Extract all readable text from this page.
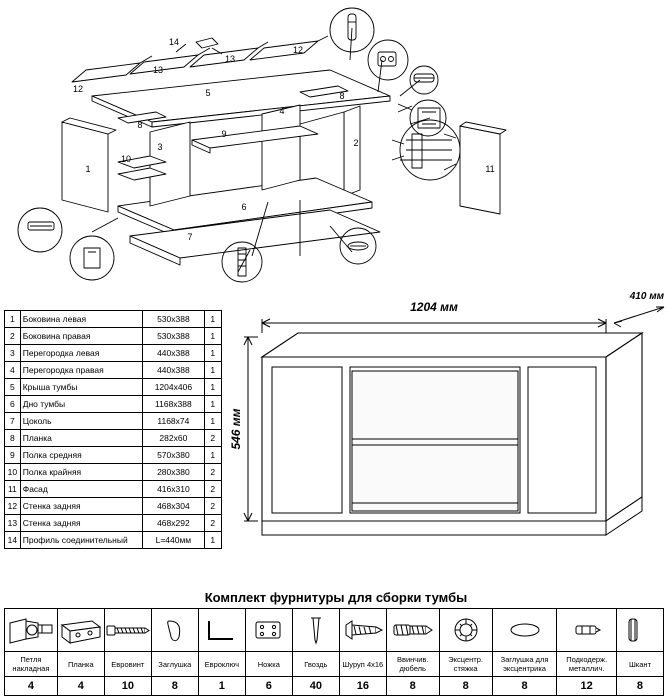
1
2
3
4
5
6
7
8
8
9
10
11
12
12
13
13
14
1	Боковина левая	530х388	1
2	Боковина правая	530х388	1
3	Перегородка левая	440х388	1
4	Перегородка правая	440х388	1
5	Крыша тумбы	1204х406	1
6	Дно тумбы	1168х388	1
7	Цоколь	1168х74	1
8	Планка	282х60	2
9	Полка средняя	570х380	1
10	Полка крайняя	280х380	2
11	Фасад	416х310	2
12	Стенка задняя	468х304	2
13	Стенка задняя	468х292	2
14	Профиль соединительный	L=440мм	1
1204 мм
410 мм
546 мм
Комплект фурнитуры для сборки тумбы

Петля накладная	Планка	Евровинт	Заглушка	Евроключ	Ножка	Гвоздь	Шуруп 4х16	Ввинчив. дюбель	Эксцентр. стяжка	Заглушка для эксцентрика	Подкодерж. металлич.	Шкант
4	4	10	8	1	6	40	16	8	8	8	12	8
